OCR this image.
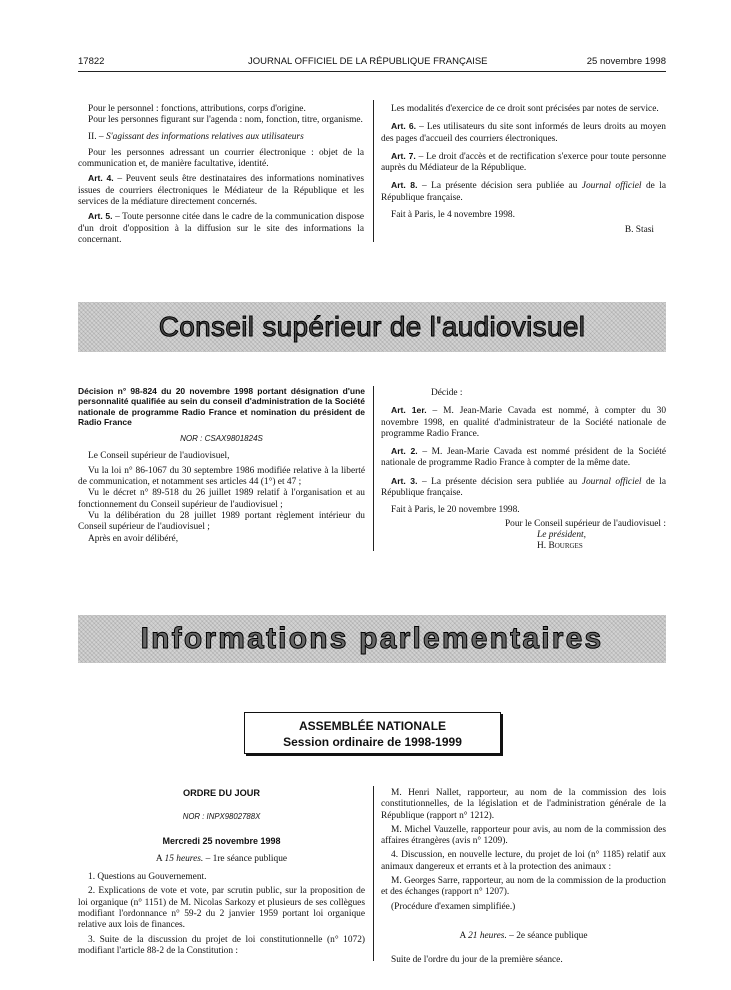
17822	JOURNAL OFFICIEL DE LA RÉPUBLIQUE FRANÇAISE	25 novembre 1998

Pour le personnel : fonctions, attributions, corps d'origine.

Pour les personnes figurant sur l'agenda : nom, fonction, titre, organisme.

II. – S'agissant des informations relatives aux utilisateurs

Pour les personnes adressant un courrier électronique : objet de la communication et, de manière facultative, identité.

Art. 4. – Peuvent seuls être destinataires des informations nominatives issues de courriers électroniques le Médiateur de la République et les services de la médiature directement concernés.

Art. 5. – Toute personne citée dans le cadre de la communication dispose d'un droit d'opposition à la diffusion sur le site des informations la concernant.

Les modalités d'exercice de ce droit sont précisées par notes de service.

Art. 6. – Les utilisateurs du site sont informés de leurs droits au moyen des pages d'accueil des courriers électroniques.

Art. 7. – Le droit d'accès et de rectification s'exerce pour toute personne auprès du Médiateur de la République.

Art. 8. – La présente décision sera publiée au Journal officiel de la République française.

Fait à Paris, le 4 novembre 1998.

B. Stasi

Conseil supérieur de l'audiovisuel

Décision n° 98-824 du 20 novembre 1998 portant désignation d'une personnalité qualifiée au sein du conseil d'administration de la Société nationale de programme Radio France et nomination du président de Radio France

NOR : CSAX9801824S

Le Conseil supérieur de l'audiovisuel,

Vu la loi n° 86-1067 du 30 septembre 1986 modifiée relative à la liberté de communication, et notamment ses articles 44 (1°) et 47 ;

Vu le décret n° 89-518 du 26 juillet 1989 relatif à l'organisation et au fonctionnement du Conseil supérieur de l'audiovisuel ;

Vu la délibération du 28 juillet 1989 portant règlement intérieur du Conseil supérieur de l'audiovisuel ;

Après en avoir délibéré,

Décide :

Art. 1er. – M. Jean-Marie Cavada est nommé, à compter du 30 novembre 1998, en qualité d'administrateur de la Société nationale de programme Radio France.

Art. 2. – M. Jean-Marie Cavada est nommé président de la Société nationale de programme Radio France à compter de la même date.

Art. 3. – La présente décision sera publiée au Journal officiel de la République française.

Fait à Paris, le 20 novembre 1998.

Pour le Conseil supérieur de l'audiovisuel :

Le président,

H. Bourges

Informations parlementaires
ASSEMBLÉE NATIONALE
Session ordinaire de 1998-1999

ORDRE DU JOUR

NOR : INPX9802788X

Mercredi 25 novembre 1998

A 15 heures. – 1re séance publique

1. Questions au Gouvernement.

2. Explications de vote et vote, par scrutin public, sur la proposition de loi organique (n° 1151) de M. Nicolas Sarkozy et plusieurs de ses collègues modifiant l'ordonnance n° 59-2 du 2 janvier 1959 portant loi organique relative aux lois de finances.

3. Suite de la discussion du projet de loi constitutionnelle (n° 1072) modifiant l'article 88-2 de la Constitution :

M. Henri Nallet, rapporteur, au nom de la commission des lois constitutionnelles, de la législation et de l'administration générale de la République (rapport n° 1212).

M. Michel Vauzelle, rapporteur pour avis, au nom de la commission des affaires étrangères (avis n° 1209).

4. Discussion, en nouvelle lecture, du projet de loi (n° 1185) relatif aux animaux dangereux et errants et à la protection des animaux :

M. Georges Sarre, rapporteur, au nom de la commission de la production et des échanges (rapport n° 1207).

(Procédure d'examen simplifiée.)

A 21 heures. – 2e séance publique

Suite de l'ordre du jour de la première séance.
